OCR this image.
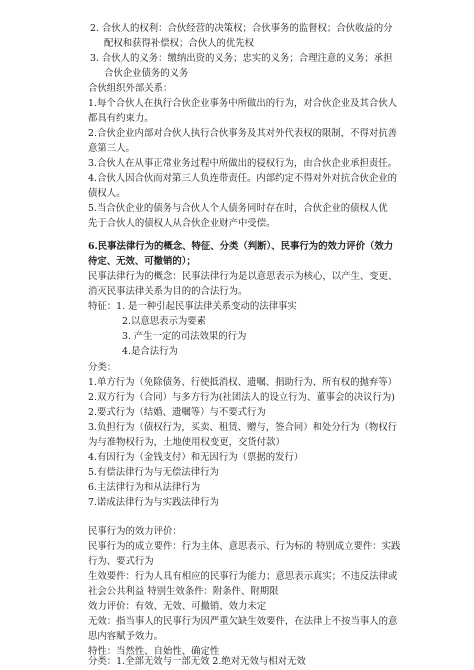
2. 合伙人的权利：合伙经营的决策权；合伙事务的监督权；合伙收益的分
配权和获得补偿权；合伙人的优先权
3. 合伙人的义务：缴纳出资的义务；忠实的义务；合理注意的义务；承担
合伙企业债务的义务
合伙组织外部关系：
1.每个合伙人在执行合伙企业事务中所做出的行为，对合伙企业及其合伙人
都具有约束力。
2.合伙企业内部对合伙人执行合伙事务及其对外代表权的限制，不得对抗善
意第三人。
3.合伙人在从事正常业务过程中所做出的侵权行为，由合伙企业承担责任。
4.合伙人因合伙而对第三人负连带责任。内部约定不得对外对抗合伙企业的
债权人。
5.当合伙企业的债务与合伙人个人债务同时存在时，合伙企业的债权人优
先于合伙人的债权人从合伙企业财产中受偿。
6.民事法律行为的概念、特征、分类（判断）、民事行为的效力评价（效力
待定、无效、可撤销的）；
民事法律行为的概念：民事法律行为是以意思表示为核心，以产生、变更、
消灭民事法律关系为目的的合法行为。
特征：1. 是一种引起民事法律关系变动的法律事实
2.以意思表示为要素
3. 产生一定的司法效果的行为
4.是合法行为
分类：
1.单方行为（免除债务、行使抵消权、遗嘱、捐助行为、所有权的抛弃等）
2.双方行为（合同）与多方行为(社团法人的设立行为、董事会的决议行为)
2.要式行为（结婚、遗嘱等）与不要式行为
3.负担行为（债权行为，买卖、租赁、赠与，签合同）和处分行为（物权行
为与准物权行为，土地使用权变更，交货付款）
4.有因行为（金钱支付）和无因行为（票据的发行）
5.有偿法律行为与无偿法律行为
6.主法律行为和从法律行为
7.诺成法律行为与实践法律行为
民事行为的效力评价：
民事行为的成立要件：行为主体、意思表示、行为标的 特别成立要件：实践
行为、要式行为
生效要件：行为人具有相应的民事行为能力；意思表示真实；不违反法律或
社会公共利益 特别生效条件：附条件、附期限
效力评价：有效、无效、可撤销、效力未定
无效：指当事人的民事行为因严重欠缺生效要件，在法律上不按当事人的意
思内容赋予效力。
特性：当然性、自始性、确定性
分类：1.全部无效与一部无效 2.绝对无效与相对无效
